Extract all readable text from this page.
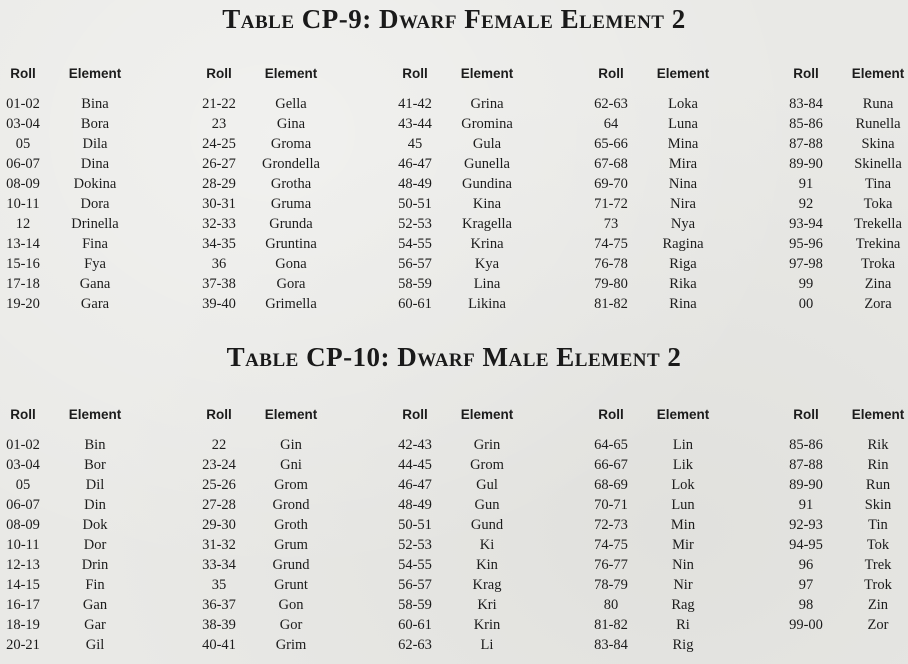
Table CP-9: Dwarf Female Element 2
Roll	Element
01-02	Bina
03-04	Bora
05	Dila
06-07	Dina
08-09	Dokina
10-11	Dora
12	Drinella
13-14	Fina
15-16	Fya
17-18	Gana
19-20	Gara
Roll	Element
21-22	Gella
23	Gina
24-25	Groma
26-27	Grondella
28-29	Grotha
30-31	Gruma
32-33	Grunda
34-35	Gruntina
36	Gona
37-38	Gora
39-40	Grimella
Roll	Element
41-42	Grina
43-44	Gromina
45	Gula
46-47	Gunella
48-49	Gundina
50-51	Kina
52-53	Kragella
54-55	Krina
56-57	Kya
58-59	Lina
60-61	Likina
Roll	Element
62-63	Loka
64	Luna
65-66	Mina
67-68	Mira
69-70	Nina
71-72	Nira
73	Nya
74-75	Ragina
76-78	Riga
79-80	Rika
81-82	Rina
Roll	Element
83-84	Runa
85-86	Runella
87-88	Skina
89-90	Skinella
91	Tina
92	Toka
93-94	Trekella
95-96	Trekina
97-98	Troka
99	Zina
00	Zora
Table CP-10: Dwarf Male Element 2
Roll	Element
01-02	Bin
03-04	Bor
05	Dil
06-07	Din
08-09	Dok
10-11	Dor
12-13	Drin
14-15	Fin
16-17	Gan
18-19	Gar
20-21	Gil
Roll	Element
22	Gin
23-24	Gni
25-26	Grom
27-28	Grond
29-30	Groth
31-32	Grum
33-34	Grund
35	Grunt
36-37	Gon
38-39	Gor
40-41	Grim
Roll	Element
42-43	Grin
44-45	Grom
46-47	Gul
48-49	Gun
50-51	Gund
52-53	Ki
54-55	Kin
56-57	Krag
58-59	Kri
60-61	Krin
62-63	Li
Roll	Element
64-65	Lin
66-67	Lik
68-69	Lok
70-71	Lun
72-73	Min
74-75	Mir
76-77	Nin
78-79	Nir
80	Rag
81-82	Ri
83-84	Rig
Roll	Element
85-86	Rik
87-88	Rin
89-90	Run
91	Skin
92-93	Tin
94-95	Tok
96	Trek
97	Trok
98	Zin
99-00	Zor
